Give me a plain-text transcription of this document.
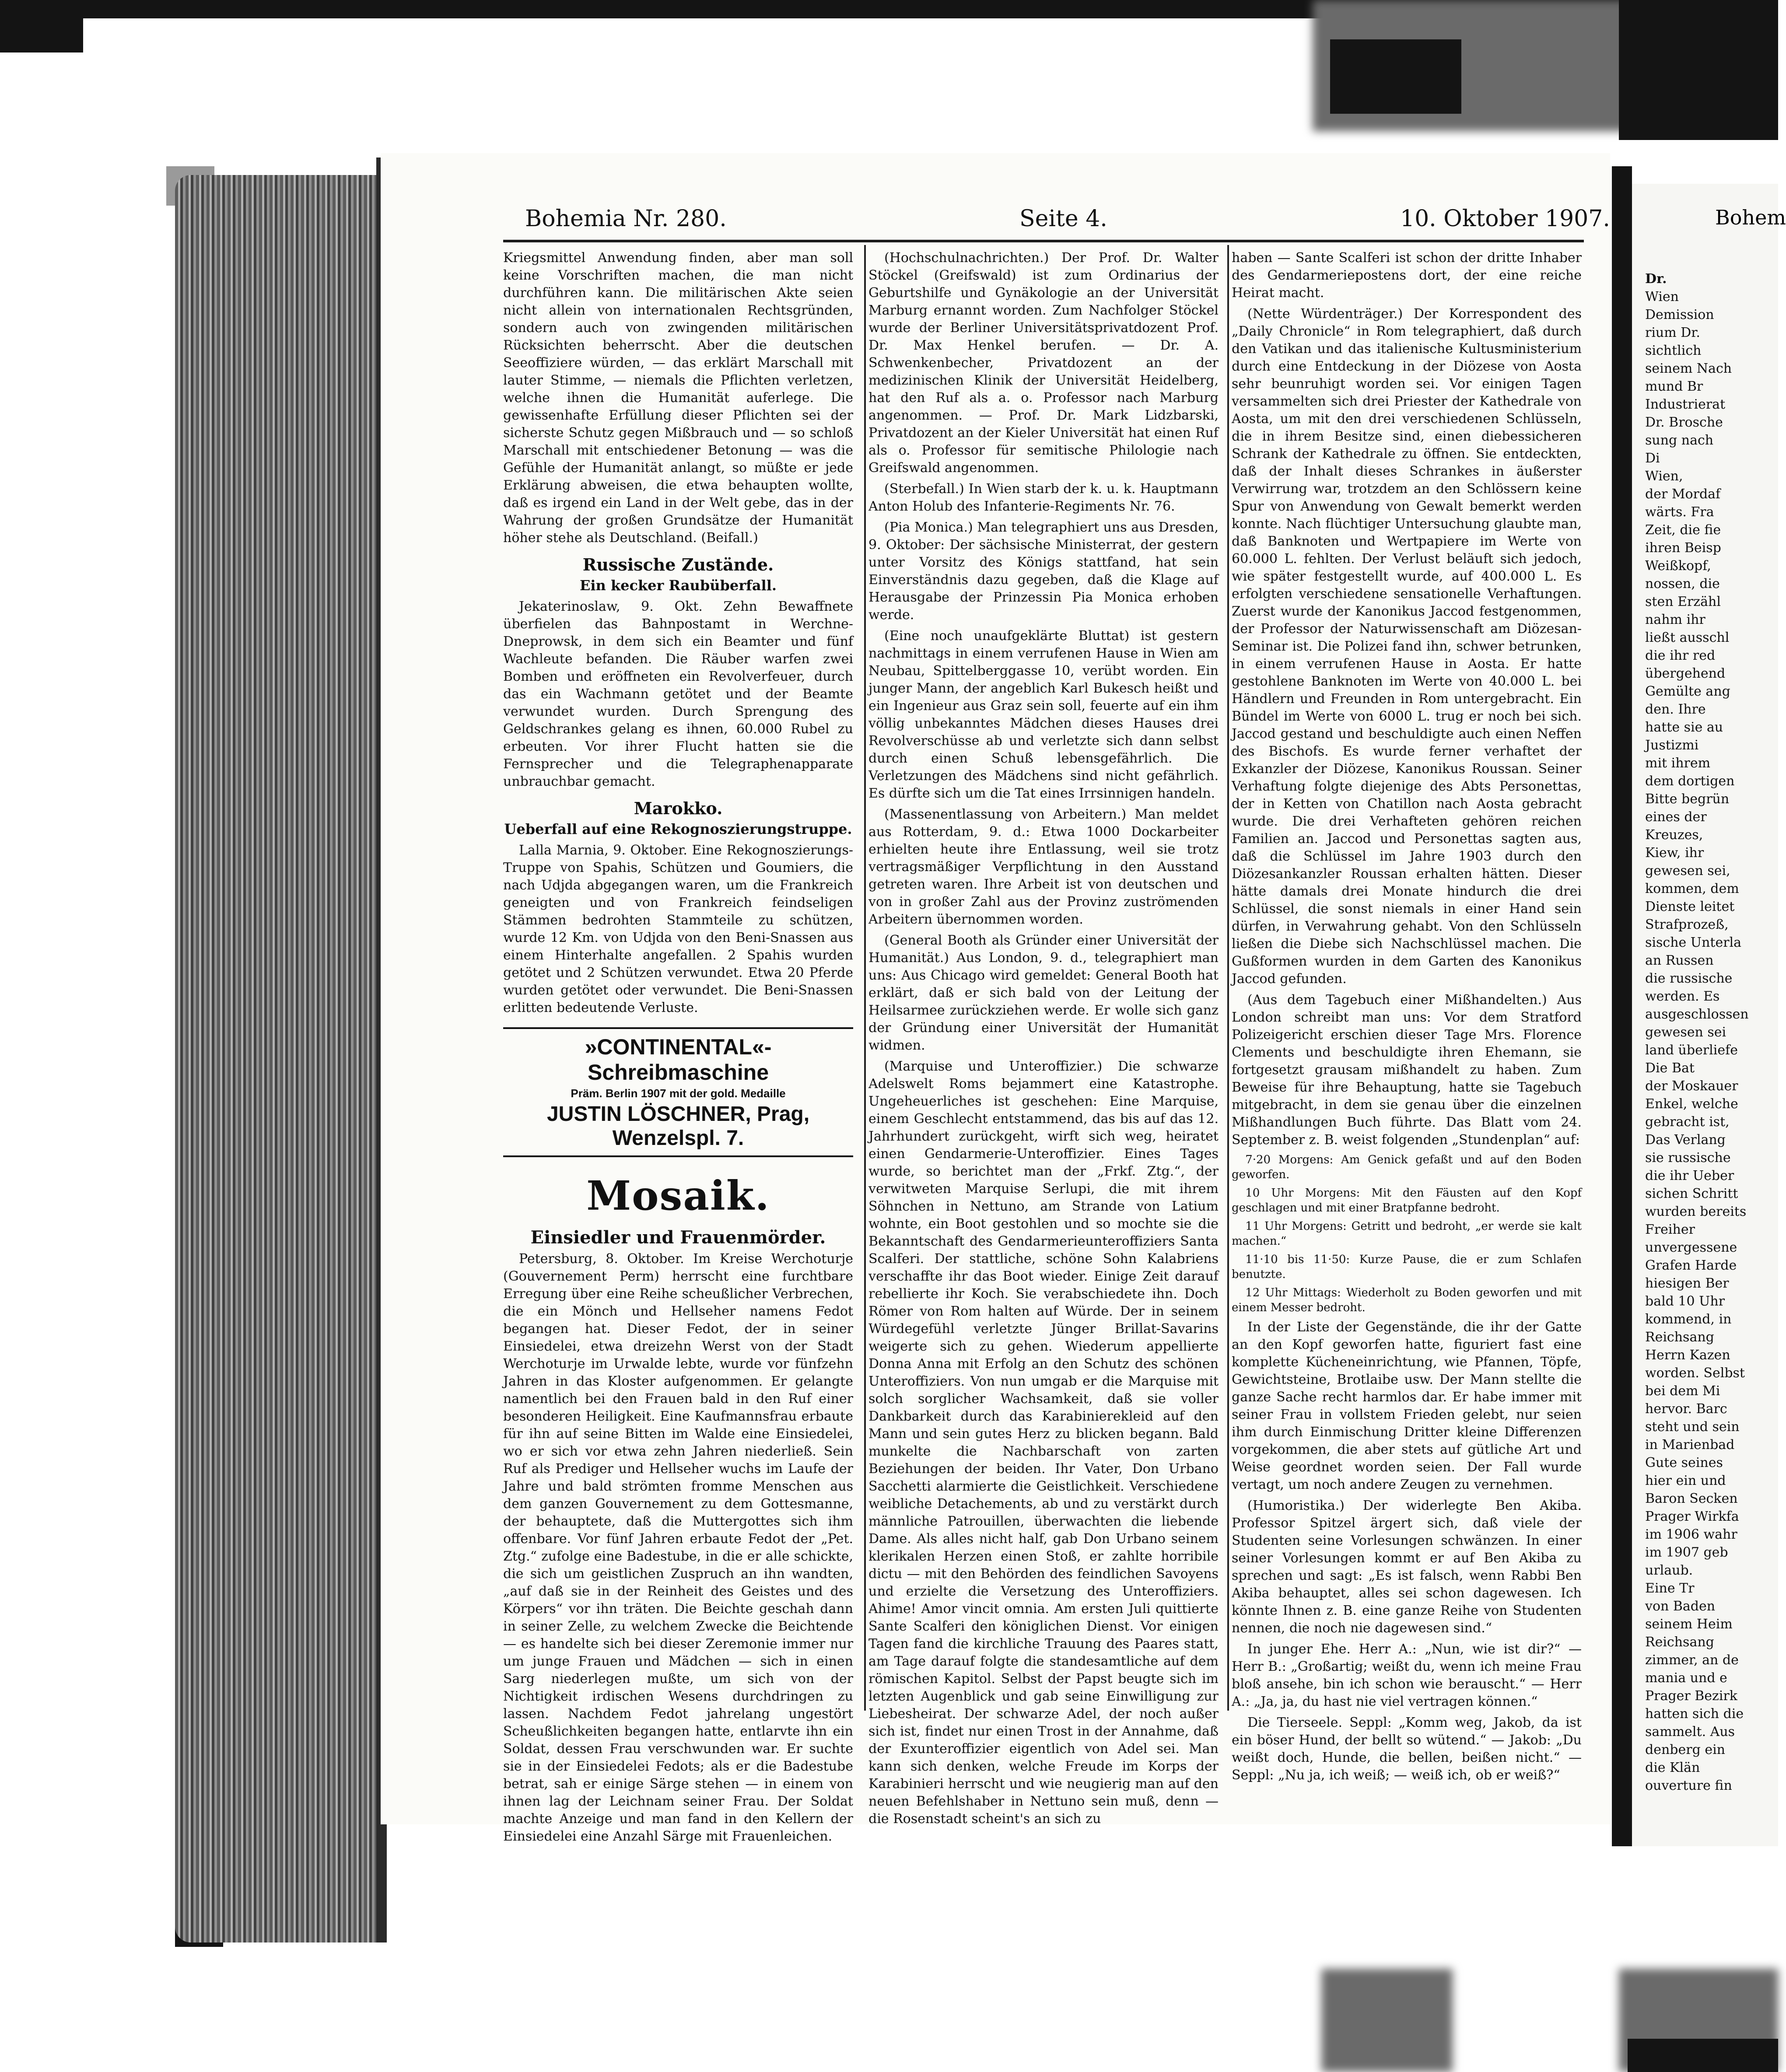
Bohemia Nr. 280.	Seite 4.	10. Oktober 1907.

Kriegsmittel Anwendung finden, aber man soll keine Vorschriften machen, die man nicht durchführen kann. Die militärischen Akte seien nicht allein von internationalen Rechtsgründen, sondern auch von zwingenden militärischen Rücksichten beherrscht. Aber die deutschen Seeoffiziere würden, — das erklärt Marschall mit lauter Stimme, — niemals die Pflichten verletzen, welche ihnen die Humanität auferlege. Die gewissenhafte Erfüllung dieser Pflichten sei der sicherste Schutz gegen Mißbrauch und — so schloß Marschall mit entschiedener Betonung — was die Gefühle der Humanität anlangt, so müßte er jede Erklärung abweisen, die etwa behaupten wollte, daß es irgend ein Land in der Welt gebe, das in der Wahrung der großen Grundsätze der Humanität höher stehe als Deutschland. (Beifall.)

Russische Zustände.
Ein kecker Raubüberfall.

Jekaterinoslaw, 9. Okt. Zehn Bewaffnete überfielen das Bahnpostamt in Werchne-Dneprowsk, in dem sich ein Beamter und fünf Wachleute befanden. Die Räuber warfen zwei Bomben und eröffneten ein Revolverfeuer, durch das ein Wachmann getötet und der Beamte verwundet wurden. Durch Sprengung des Geldschrankes gelang es ihnen, 60.000 Rubel zu erbeuten. Vor ihrer Flucht hatten sie die Fernsprecher und die Telegraphenapparate unbrauchbar gemacht.

Marokko.
Ueberfall auf eine Rekognoszierungstruppe.

Lalla Marnia, 9. Oktober. Eine Rekognoszierungs-Truppe von Spahis, Schützen und Goumiers, die nach Udjda abgegangen waren, um die Frankreich geneigten und von Frankreich feindseligen Stämmen bedrohten Stammteile zu schützen, wurde 12 Km. von Udjda von den Beni-Snassen aus einem Hinterhalte angefallen. 2 Spahis wurden getötet und 2 Schützen verwundet. Etwa 20 Pferde wurden getötet oder verwundet. Die Beni-Snassen erlitten bedeutende Verluste.

»CONTINENTAL«-Schreibmaschine
Präm. Berlin 1907 mit der gold. Medaille
JUSTIN LÖSCHNER, Prag, Wenzelspl. 7.
Mosaik.
Einsiedler und Frauenmörder.

Petersburg, 8. Oktober. Im Kreise Werchoturje (Gouvernement Perm) herrscht eine furchtbare Erregung über eine Reihe scheußlicher Verbrechen, die ein Mönch und Hellseher namens Fedot begangen hat. Dieser Fedot, der in seiner Einsiedelei, etwa dreizehn Werst von der Stadt Werchoturje im Urwalde lebte, wurde vor fünfzehn Jahren in das Kloster aufgenommen. Er gelangte namentlich bei den Frauen bald in den Ruf einer besonderen Heiligkeit. Eine Kaufmannsfrau erbaute für ihn auf seine Bitten im Walde eine Einsiedelei, wo er sich vor etwa zehn Jahren niederließ. Sein Ruf als Prediger und Hellseher wuchs im Laufe der Jahre und bald strömten fromme Menschen aus dem ganzen Gouvernement zu dem Gottesmanne, der behauptete, daß die Muttergottes sich ihm offenbare. Vor fünf Jahren erbaute Fedot der „Pet. Ztg.“ zufolge eine Badestube, in die er alle schickte, die sich um geistlichen Zuspruch an ihn wandten, „auf daß sie in der Reinheit des Geistes und des Körpers“ vor ihn träten. Die Beichte geschah dann in seiner Zelle, zu welchem Zwecke die Beichtende — es handelte sich bei dieser Zeremonie immer nur um junge Frauen und Mädchen — sich in einen Sarg niederlegen mußte, um sich von der Nichtigkeit irdischen Wesens durchdringen zu lassen. Nachdem Fedot jahrelang ungestört Scheußlichkeiten begangen hatte, entlarvte ihn ein Soldat, dessen Frau verschwunden war. Er suchte sie in der Einsiedelei Fedots; als er die Badestube betrat, sah er einige Särge stehen — in einem von ihnen lag der Leichnam seiner Frau. Der Soldat machte Anzeige und man fand in den Kellern der Einsiedelei eine Anzahl Särge mit Frauenleichen.

(Hochschulnachrichten.) Der Prof. Dr. Walter Stöckel (Greifswald) ist zum Ordinarius der Geburtshilfe und Gynäkologie an der Universität Marburg ernannt worden. Zum Nachfolger Stöckel wurde der Berliner Universitätsprivatdozent Prof. Dr. Max Henkel berufen. — Dr. A. Schwenkenbecher, Privatdozent an der medizinischen Klinik der Universität Heidelberg, hat den Ruf als a. o. Professor nach Marburg angenommen. — Prof. Dr. Mark Lidzbarski, Privatdozent an der Kieler Universität hat einen Ruf als o. Professor für semitische Philologie nach Greifswald angenommen.

(Sterbefall.) In Wien starb der k. u. k. Hauptmann Anton Holub des Infanterie-Regiments Nr. 76.

(Pia Monica.) Man telegraphiert uns aus Dresden, 9. Oktober: Der sächsische Ministerrat, der gestern unter Vorsitz des Königs stattfand, hat sein Einverständnis dazu gegeben, daß die Klage auf Herausgabe der Prinzessin Pia Monica erhoben werde.

(Eine noch unaufgeklärte Bluttat) ist gestern nachmittags in einem verrufenen Hause in Wien am Neubau, Spittelberggasse 10, verübt worden. Ein junger Mann, der angeblich Karl Bukesch heißt und ein Ingenieur aus Graz sein soll, feuerte auf ein ihm völlig unbekanntes Mädchen dieses Hauses drei Revolverschüsse ab und verletzte sich dann selbst durch einen Schuß lebensgefährlich. Die Verletzungen des Mädchens sind nicht gefährlich. Es dürfte sich um die Tat eines Irrsinnigen handeln.

(Massenentlassung von Arbeitern.) Man meldet aus Rotterdam, 9. d.: Etwa 1000 Dockarbeiter erhielten heute ihre Entlassung, weil sie trotz vertragsmäßiger Verpflichtung in den Ausstand getreten waren. Ihre Arbeit ist von deutschen und von in großer Zahl aus der Provinz zuströmenden Arbeitern übernommen worden.

(General Booth als Gründer einer Universität der Humanität.) Aus London, 9. d., telegraphiert man uns: Aus Chicago wird gemeldet: General Booth hat erklärt, daß er sich bald von der Leitung der Heilsarmee zurückziehen werde. Er wolle sich ganz der Gründung einer Universität der Humanität widmen.

(Marquise und Unteroffizier.) Die schwarze Adelswelt Roms bejammert eine Katastrophe. Ungeheuerliches ist geschehen: Eine Marquise, einem Geschlecht entstammend, das bis auf das 12. Jahrhundert zurückgeht, wirft sich weg, heiratet einen Gendarmerie-Unteroffizier. Eines Tages wurde, so berichtet man der „Frkf. Ztg.“, der verwitweten Marquise Serlupi, die mit ihrem Söhnchen in Nettuno, am Strande von Latium wohnte, ein Boot gestohlen und so mochte sie die Bekanntschaft des Gendarmerieunteroffiziers Santa Scalferi. Der stattliche, schöne Sohn Kalabriens verschaffte ihr das Boot wieder. Einige Zeit darauf rebellierte ihr Koch. Sie verabschiedete ihn. Doch Römer von Rom halten auf Würde. Der in seinem Würdegefühl verletzte Jünger Brillat-Savarins weigerte sich zu gehen. Wiederum appellierte Donna Anna mit Erfolg an den Schutz des schönen Unteroffiziers. Von nun umgab er die Marquise mit solch sorglicher Wachsamkeit, daß sie voller Dankbarkeit durch das Karabinierekleid auf den Mann und sein gutes Herz zu blicken begann. Bald munkelte die Nachbarschaft von zarten Beziehungen der beiden. Ihr Vater, Don Urbano Sacchetti alarmierte die Geistlichkeit. Verschiedene weibliche Detachements, ab und zu verstärkt durch männliche Patrouillen, überwachten die liebende Dame. Als alles nicht half, gab Don Urbano seinem klerikalen Herzen einen Stoß, er zahlte horribile dictu — mit den Behörden des feindlichen Savoyens und erzielte die Versetzung des Unteroffiziers. Ahime! Amor vincit omnia. Am ersten Juli quittierte Sante Scalferi den königlichen Dienst. Vor einigen Tagen fand die kirchliche Trauung des Paares statt, am Tage darauf folgte die standesamtliche auf dem römischen Kapitol. Selbst der Papst beugte sich im letzten Augenblick und gab seine Einwilligung zur Liebesheirat. Der schwarze Adel, der noch außer sich ist, findet nur einen Trost in der Annahme, daß der Exunteroffizier eigentlich von Adel sei. Man kann sich denken, welche Freude im Korps der Karabinieri herrscht und wie neugierig man auf den neuen Befehlshaber in Nettuno sein muß, denn — die Rosenstadt scheint's an sich zu

haben — Sante Scalferi ist schon der dritte Inhaber des Gendarmeriepostens dort, der eine reiche Heirat macht.

(Nette Würdenträger.) Der Korrespondent des „Daily Chronicle“ in Rom telegraphiert, daß durch den Vatikan und das italienische Kultusministerium durch eine Entdeckung in der Diözese von Aosta sehr beunruhigt worden sei. Vor einigen Tagen versammelten sich drei Priester der Kathedrale von Aosta, um mit den drei verschiedenen Schlüsseln, die in ihrem Besitze sind, einen diebessicheren Schrank der Kathedrale zu öffnen. Sie entdeckten, daß der Inhalt dieses Schrankes in äußerster Verwirrung war, trotzdem an den Schlössern keine Spur von Anwendung von Gewalt bemerkt werden konnte. Nach flüchtiger Untersuchung glaubte man, daß Banknoten und Wertpapiere im Werte von 60.000 L. fehlten. Der Verlust beläuft sich jedoch, wie später festgestellt wurde, auf 400.000 L. Es erfolgten verschiedene sensationelle Verhaftungen. Zuerst wurde der Kanonikus Jaccod festgenommen, der Professor der Naturwissenschaft am Diözesan-Seminar ist. Die Polizei fand ihn, schwer betrunken, in einem verrufenen Hause in Aosta. Er hatte gestohlene Banknoten im Werte von 40.000 L. bei Händlern und Freunden in Rom untergebracht. Ein Bündel im Werte von 6000 L. trug er noch bei sich. Jaccod gestand und beschuldigte auch einen Neffen des Bischofs. Es wurde ferner verhaftet der Exkanzler der Diözese, Kanonikus Roussan. Seiner Verhaftung folgte diejenige des Abts Personettas, der in Ketten von Chatillon nach Aosta gebracht wurde. Die drei Verhafteten gehören reichen Familien an. Jaccod und Personettas sagten aus, daß die Schlüssel im Jahre 1903 durch den Diözesankanzler Roussan erhalten hätten. Dieser hätte damals drei Monate hindurch die drei Schlüssel, die sonst niemals in einer Hand sein dürfen, in Verwahrung gehabt. Von den Schlüsseln ließen die Diebe sich Nachschlüssel machen. Die Gußformen wurden in dem Garten des Kanonikus Jaccod gefunden.

(Aus dem Tagebuch einer Mißhandelten.) Aus London schreibt man uns: Vor dem Stratford Polizeigericht erschien dieser Tage Mrs. Florence Clements und beschuldigte ihren Ehemann, sie fortgesetzt grausam mißhandelt zu haben. Zum Beweise für ihre Behauptung, hatte sie Tagebuch mitgebracht, in dem sie genau über die einzelnen Mißhandlungen Buch führte. Das Blatt vom 24. September z. B. weist folgenden „Stundenplan“ auf:

7·20 Morgens: Am Genick gefaßt und auf den Boden geworfen.

10 Uhr Morgens: Mit den Fäusten auf den Kopf geschlagen und mit einer Bratpfanne bedroht.

11 Uhr Morgens: Getritt und bedroht, „er werde sie kalt machen.“

11·10 bis 11·50: Kurze Pause, die er zum Schlafen benutzte.

12 Uhr Mittags: Wiederholt zu Boden geworfen und mit einem Messer bedroht.

In der Liste der Gegenstände, die ihr der Gatte an den Kopf geworfen hatte, figuriert fast eine komplette Kücheneinrichtung, wie Pfannen, Töpfe, Gewichtsteine, Brotlaibe usw. Der Mann stellte die ganze Sache recht harmlos dar. Er habe immer mit seiner Frau in vollstem Frieden gelebt, nur seien ihm durch Einmischung Dritter kleine Differenzen vorgekommen, die aber stets auf gütliche Art und Weise geordnet worden seien. Der Fall wurde vertagt, um noch andere Zeugen zu vernehmen.

(Humoristika.) Der widerlegte Ben Akiba. Professor Spitzel ärgert sich, daß viele der Studenten seine Vorlesungen schwänzen. In einer seiner Vorlesungen kommt er auf Ben Akiba zu sprechen und sagt: „Es ist falsch, wenn Rabbi Ben Akiba behauptet, alles sei schon dagewesen. Ich könnte Ihnen z. B. eine ganze Reihe von Studenten nennen, die noch nie dagewesen sind.“

In junger Ehe. Herr A.: „Nun, wie ist dir?“ — Herr B.: „Großartig; weißt du, wenn ich meine Frau bloß ansehe, bin ich schon wie berauscht.“ — Herr A.: „Ja, ja, du hast nie viel vertragen können.“

Die Tierseele. Seppl: „Komm weg, Jakob, da ist ein böser Hund, der bellt so wütend.“ — Jakob: „Du weißt doch, Hunde, die bellen, beißen nicht.“ — Seppl: „Nu ja, ich weiß; — weiß ich, ob er weiß?“

Bohem
Dr.
Wien
Demission
rium Dr.
sichtlich
seinem Nach
mund Br
Industrierat
Dr. Brosche
sung nach
Di
Wien,
der Mordaf
wärts. Fra
Zeit, die fie
ihren Beisp
Weißkopf,
nossen, die
sten Erzähl
nahm ihr
ließt ausschl
die ihr red
übergehend
Gemülte ang
den. Ihre
hatte sie au
Justizmi
mit ihrem
dem dortigen
Bitte begrün
eines der
Kreuzes,
Kiew, ihr
gewesen sei,
kommen, dem
Dienste leitet
Strafprozeß,
sische Unterla
an Russen
die russische
werden. Es
ausgeschlossen
gewesen sei
land überliefe
Die Bat
der Moskauer
Enkel, welche
gebracht ist,
Das Verlang
sie russische
die ihr Ueber
sichen Schritt
wurden bereits
Freiher
unvergessene
Grafen Harde
hiesigen Ber
bald 10 Uhr
kommend, in
Reichsang
Herrn Kazen
worden. Selbst
bei dem Mi
hervor. Barc
steht und sein
in Marienbad
Gute seines
hier ein und
Baron Secken
Prager Wirkfa
im 1906 wahr
im 1907 geb
urlaub.
Eine Tr
von Baden
seinem Heim
Reichsang
zimmer, an de
mania und e
Prager Bezirk
hatten sich die
sammelt. Aus
denberg ein
die Klän
ouverture fin
